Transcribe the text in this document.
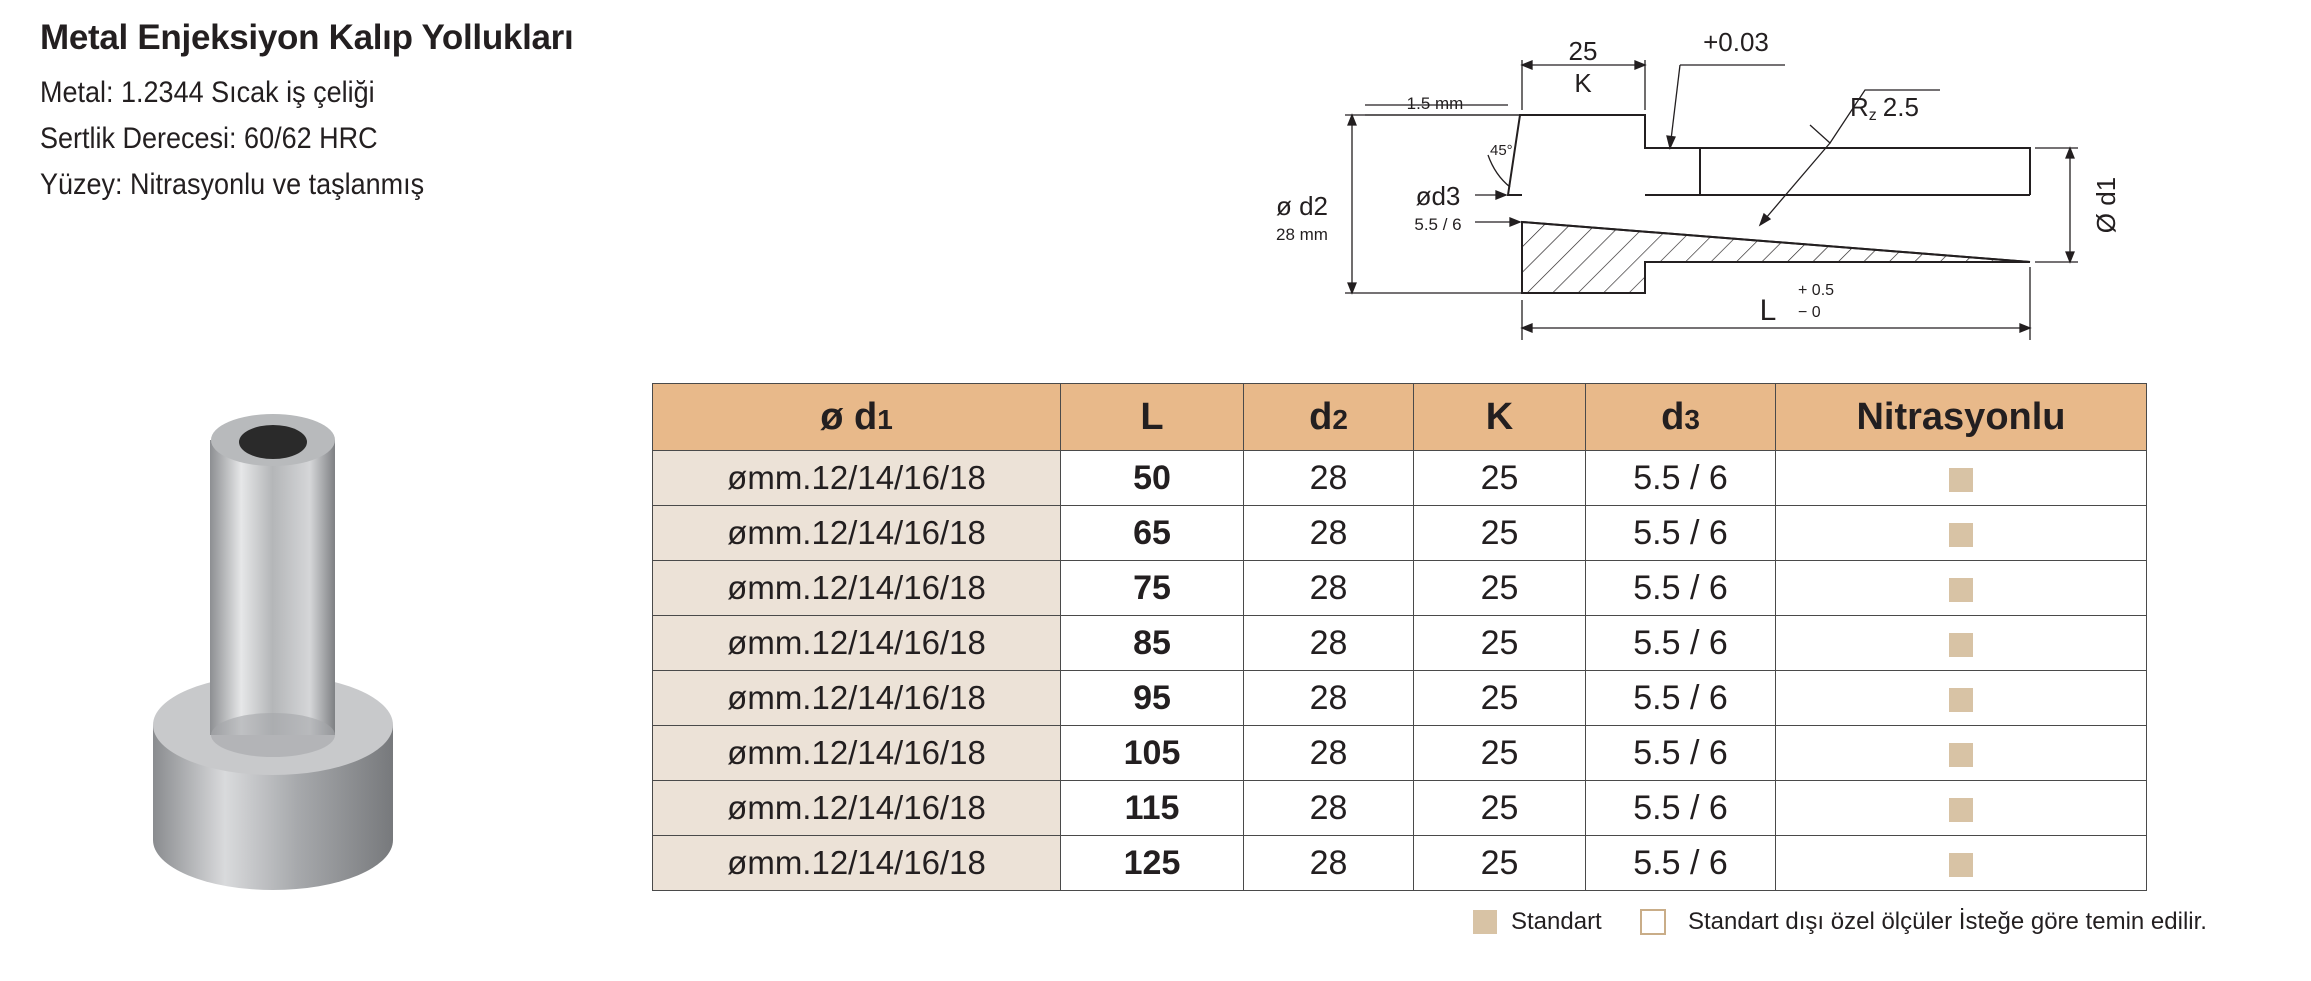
Metal Enjeksiyon Kalıp Yollukları
Metal: 1.2344 Sıcak iş çeliği
Sertlik Derecesi: 60/62 HRC
Yüzey: Nitrasyonlu ve taşlanmış
25
K
+0.03
Rz 2.5
1.5 mm
45°
ø d2
28 mm
ød3
5.5 / 6	Ø d1
L
+ 0.5
− 0
ø d1	L	d2	K	d3	Nitrasyonlu
ømm.12/14/16/18	50	28	25	5.5 / 6	
ømm.12/14/16/18	65	28	25	5.5 / 6	
ømm.12/14/16/18	75	28	25	5.5 / 6	
ømm.12/14/16/18	85	28	25	5.5 / 6	
ømm.12/14/16/18	95	28	25	5.5 / 6	
ømm.12/14/16/18	105	28	25	5.5 / 6	
ømm.12/14/16/18	115	28	25	5.5 / 6	
ømm.12/14/16/18	125	28	25	5.5 / 6	
Standart	Standart dışı özel ölçüler İsteğe göre temin edilir.
